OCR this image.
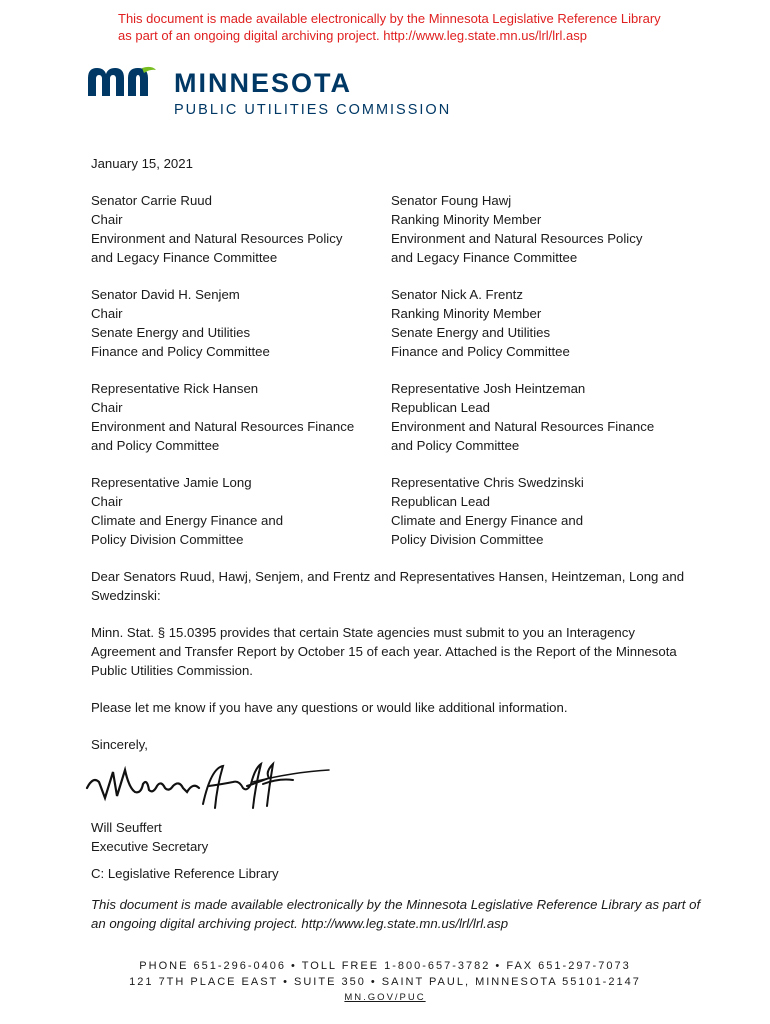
This document is made available electronically by the Minnesota Legislative Reference Library
as part of an ongoing digital archiving project. http://www.leg.state.mn.us/lrl/lrl.asp
MINNESOTA
PUBLIC UTILITIES COMMISSION
January 15, 2021
Senator Carrie Ruud
Chair
Environment and Natural Resources Policy
and Legacy Finance Committee
Senator Foung Hawj
Ranking Minority Member
Environment and Natural Resources Policy
and Legacy Finance Committee
Senator David H. Senjem
Chair
Senate Energy and Utilities
Finance and Policy Committee
Senator Nick A. Frentz
Ranking Minority Member
Senate Energy and Utilities
Finance and Policy Committee
Representative Rick Hansen
Chair
Environment and Natural Resources Finance
and Policy Committee
Representative Josh Heintzeman
Republican Lead
Environment and Natural Resources Finance
and Policy Committee
Representative Jamie Long
Chair
Climate and Energy Finance and
Policy Division Committee
Representative Chris Swedzinski
Republican Lead
Climate and Energy Finance and
Policy Division Committee
Dear Senators Ruud, Hawj, Senjem, and Frentz and Representatives Hansen, Heintzeman, Long and Swedzinski:
Minn. Stat. § 15.0395 provides that certain State agencies must submit to you an Interagency Agreement and Transfer Report by October 15 of each year. Attached is the Report of the Minnesota Public Utilities Commission.
Please let me know if you have any questions or would like additional information.
Sincerely,
Will Seuffert
Executive Secretary
C: Legislative Reference Library
This document is made available electronically by the Minnesota Legislative Reference Library as part of an ongoing digital archiving project. http://www.leg.state.mn.us/lrl/lrl.asp
PHONE 651-296-0406 • TOLL FREE 1-800-657-3782 • FAX 651-297-7073
121 7TH PLACE EAST • SUITE 350 • SAINT PAUL, MINNESOTA 55101-2147
MN.GOV/PUC
